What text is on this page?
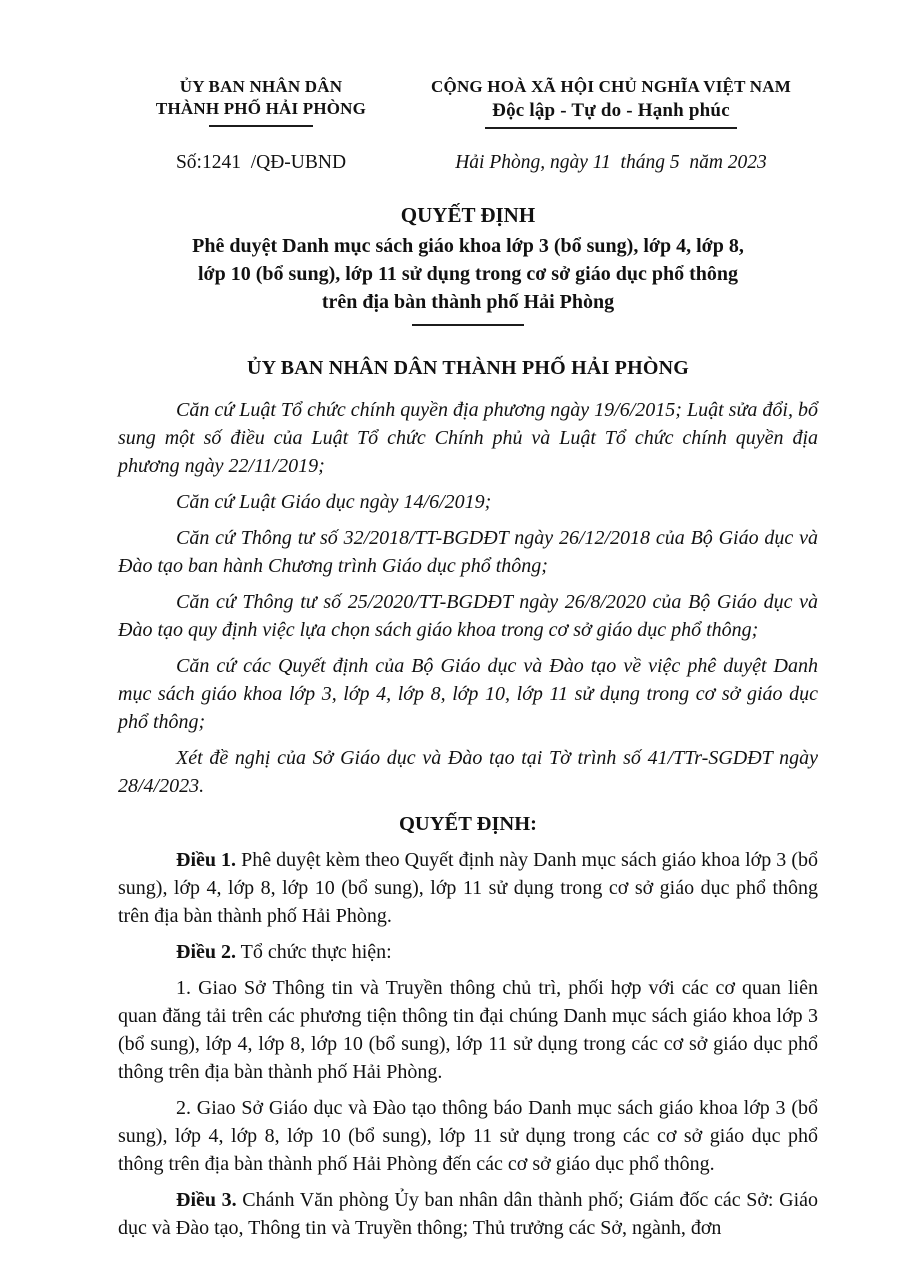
ỦY BAN NHÂN DÂN
THÀNH PHỐ HẢI PHÒNG
Số:1241  /QĐ-UBND
CỘNG HOÀ XÃ HỘI CHỦ NGHĨA VIỆT NAM
Độc lập - Tự do - Hạnh phúc
Hải Phòng, ngày 11  tháng 5  năm 2023
QUYẾT ĐỊNH
Phê duyệt Danh mục sách giáo khoa lớp 3 (bổ sung), lớp 4, lớp 8,
lớp 10 (bổ sung), lớp 11 sử dụng trong cơ sở giáo dục phổ thông
trên địa bàn thành phố Hải Phòng
ỦY BAN NHÂN DÂN THÀNH PHỐ HẢI PHÒNG

Căn cứ Luật Tổ chức chính quyền địa phương ngày 19/6/2015; Luật sửa đổi, bổ sung một số điều của Luật Tổ chức Chính phủ và Luật Tổ chức chính quyền địa phương ngày 22/11/2019;

Căn cứ Luật Giáo dục ngày 14/6/2019;

Căn cứ Thông tư số 32/2018/TT-BGDĐT ngày 26/12/2018 của Bộ Giáo dục và Đào tạo ban hành Chương trình Giáo dục phổ thông;

Căn cứ Thông tư số 25/2020/TT-BGDĐT ngày 26/8/2020 của Bộ Giáo dục và Đào tạo quy định việc lựa chọn sách giáo khoa trong cơ sở giáo dục phổ thông;

Căn cứ các Quyết định của Bộ Giáo dục và Đào tạo về việc phê duyệt Danh mục sách giáo khoa lớp 3, lớp 4, lớp 8, lớp 10, lớp 11 sử dụng trong cơ sở giáo dục phổ thông;

Xét đề nghị của Sở Giáo dục và Đào tạo tại Tờ trình số 41/TTr-SGDĐT ngày 28/4/2023.

QUYẾT ĐỊNH:

Điều 1. Phê duyệt kèm theo Quyết định này Danh mục sách giáo khoa lớp 3 (bổ sung), lớp 4, lớp 8, lớp 10 (bổ sung), lớp 11 sử dụng trong cơ sở giáo dục phổ thông trên địa bàn thành phố Hải Phòng.

Điều 2. Tổ chức thực hiện:

1. Giao Sở Thông tin và Truyền thông chủ trì, phối hợp với các cơ quan liên quan đăng tải trên các phương tiện thông tin đại chúng Danh mục sách giáo khoa lớp 3 (bổ sung), lớp 4, lớp 8, lớp 10 (bổ sung), lớp 11 sử dụng trong các cơ sở giáo dục phổ thông trên địa bàn thành phố Hải Phòng.

2. Giao Sở Giáo dục và Đào tạo thông báo Danh mục sách giáo khoa lớp 3 (bổ sung), lớp 4, lớp 8, lớp 10 (bổ sung), lớp 11 sử dụng trong các cơ sở giáo dục phổ thông trên địa bàn thành phố Hải Phòng đến các cơ sở giáo dục phổ thông.

Điều 3. Chánh Văn phòng Ủy ban nhân dân thành phố; Giám đốc các Sở: Giáo dục và Đào tạo, Thông tin và Truyền thông; Thủ trưởng các Sở, ngành, đơn
